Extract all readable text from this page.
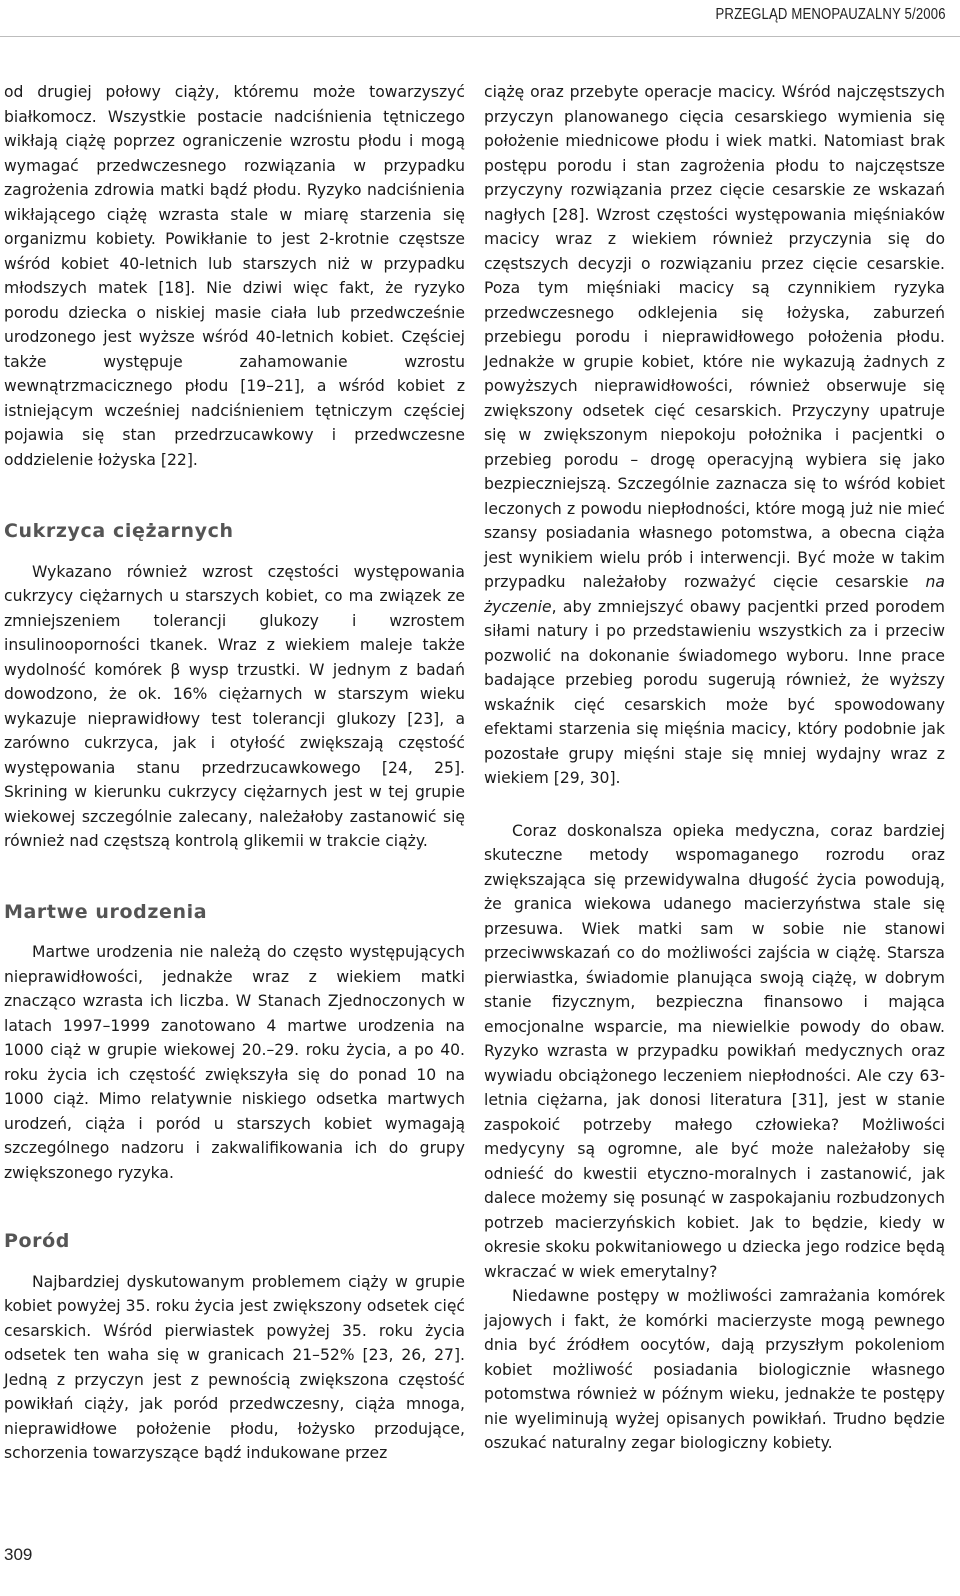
PRZEGLĄD MENOPAUZALNY 5/2006

od drugiej połowy ciąży, któremu może towarzyszyć białkomocz. Wszystkie postacie nadciśnienia tętniczego wikłają ciążę poprzez ograniczenie wzrostu płodu i mogą wymagać przedwczesnego rozwiązania w przypadku zagrożenia zdrowia matki bądź płodu. Ryzyko nadciśnienia wikłającego ciążę wzrasta stale w miarę starzenia się organizmu kobiety. Powikłanie to jest 2-krotnie częstsze wśród kobiet 40-letnich lub starszych niż w przypadku młodszych matek [18]. Nie dziwi więc fakt, że ryzyko porodu dziecka o niskiej masie ciała lub przedwcześnie urodzonego jest wyższe wśród 40-letnich kobiet. Częściej także występuje zahamowanie wzrostu wewnątrzmacicznego płodu [19–21], a wśród kobiet z istniejącym wcześniej nadciśnieniem tętniczym częściej pojawia się stan przedrzucawkowy i przedwczesne oddzielenie łożyska [22].

Cukrzyca ciężarnych

Wykazano również wzrost częstości występowania cukrzycy ciężarnych u starszych kobiet, co ma związek ze zmniejszeniem tolerancji glukozy i wzrostem insulinooporności tkanek. Wraz z wiekiem maleje także wydolność komórek β wysp trzustki. W jednym z badań dowodzono, że ok. 16% ciężarnych w starszym wieku wykazuje nieprawidłowy test tolerancji glukozy [23], a zarówno cukrzyca, jak i otyłość zwiększają częstość występowania stanu przedrzucawkowego [24, 25]. Skrining w kierunku cukrzycy ciężarnych jest w tej grupie wiekowej szczególnie zalecany, należałoby zastanowić się również nad częstszą kontrolą glikemii w trakcie ciąży.

Martwe urodzenia

Martwe urodzenia nie należą do często występujących nieprawidłowości, jednakże wraz z wiekiem matki znacząco wzrasta ich liczba. W Stanach Zjednoczonych w latach 1997–1999 zanotowano 4 martwe urodzenia na 1000 ciąż w grupie wiekowej 20.–29. roku życia, a po 40. roku życia ich częstość zwiększyła się do ponad 10 na 1000 ciąż. Mimo relatywnie niskiego odsetka martwych urodzeń, ciąża i poród u starszych kobiet wymagają szczególnego nadzoru i zakwalifikowania ich do grupy zwiększonego ryzyka.

Poród

Najbardziej dyskutowanym problemem ciąży w grupie kobiet powyżej 35. roku życia jest zwiększony odsetek cięć cesarskich. Wśród pierwiastek powyżej 35. roku życia odsetek ten waha się w granicach 21–52% [23, 26, 27]. Jedną z przyczyn jest z pewnością zwiększona częstość powikłań ciąży, jak poród przedwczesny, ciąża mnoga, nieprawidłowe położenie płodu, łożysko przodujące, schorzenia towarzyszące bądź indukowane przez

ciążę oraz przebyte operacje macicy. Wśród najczęstszych przyczyn planowanego cięcia cesarskiego wymienia się położenie miednicowe płodu i wiek matki. Natomiast brak postępu porodu i stan zagrożenia płodu to najczęstsze przyczyny rozwiązania przez cięcie cesarskie ze wskazań nagłych [28]. Wzrost częstości występowania mięśniaków macicy wraz z wiekiem również przyczynia się do częstszych decyzji o rozwiązaniu przez cięcie cesarskie. Poza tym mięśniaki macicy są czynnikiem ryzyka przedwczesnego odklejenia się łożyska, zaburzeń przebiegu porodu i nieprawidłowego położenia płodu. Jednakże w grupie kobiet, które nie wykazują żadnych z powyższych nieprawidłowości, również obserwuje się zwiększony odsetek cięć cesarskich. Przyczyny upatruje się w zwiększonym niepokoju położnika i pacjentki o przebieg porodu – drogę operacyjną wybiera się jako bezpieczniejszą. Szczególnie zaznacza się to wśród kobiet leczonych z powodu niepłodności, które mogą już nie mieć szansy posiadania własnego potomstwa, a obecna ciąża jest wynikiem wielu prób i interwencji. Być może w takim przypadku należałoby rozważyć cięcie cesarskie na życzenie, aby zmniejszyć obawy pacjentki przed porodem siłami natury i po przedstawieniu wszystkich za i przeciw pozwolić na dokonanie świadomego wyboru. Inne prace badające przebieg porodu sugerują również, że wyższy wskaźnik cięć cesarskich może być spowodowany efektami starzenia się mięśnia macicy, który podobnie jak pozostałe grupy mięśni staje się mniej wydajny wraz z wiekiem [29, 30].

Coraz doskonalsza opieka medyczna, coraz bardziej skuteczne metody wspomaganego rozrodu oraz zwiększająca się przewidywalna długość życia powodują, że granica wiekowa udanego macierzyństwa stale się przesuwa. Wiek matki sam w sobie nie stanowi przeciwwskazań co do możliwości zajścia w ciążę. Starsza pierwiastka, świadomie planująca swoją ciążę, w dobrym stanie fizycznym, bezpieczna finansowo i mająca emocjonalne wsparcie, ma niewielkie powody do obaw. Ryzyko wzrasta w przypadku powikłań medycznych oraz wywiadu obciążonego leczeniem niepłodności. Ale czy 63-letnia ciężarna, jak donosi literatura [31], jest w stanie zaspokoić potrzeby małego człowieka? Możliwości medycyny są ogromne, ale być może należałoby się odnieść do kwestii etyczno-moralnych i zastanowić, jak dalece możemy się posunąć w zaspokajaniu rozbudzonych potrzeb macierzyńskich kobiet. Jak to będzie, kiedy w okresie skoku pokwitaniowego u dziecka jego rodzice będą wkraczać w wiek emerytalny?

Niedawne postępy w możliwości zamrażania komórek jajowych i fakt, że komórki macierzyste mogą pewnego dnia być źródłem oocytów, dają przyszłym pokoleniom kobiet możliwość posiadania biologicznie własnego potomstwa również w późnym wieku, jednakże te postępy nie wyeliminują wyżej opisanych powikłań. Trudno będzie oszukać naturalny zegar biologiczny kobiety.

309
